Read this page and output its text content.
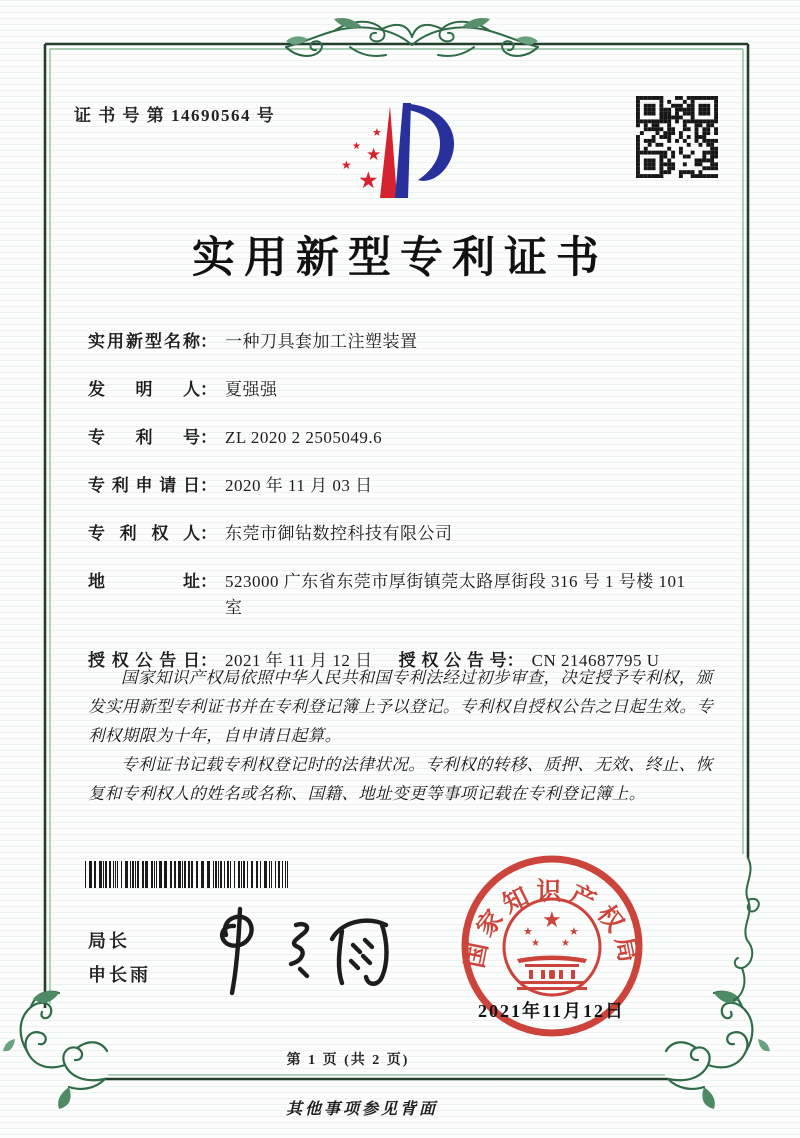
证 书 号 第 14690564 号
★
★ ★
★
★
实用新型专利证书
实用新型名称 ： 一种刀具套加工注塑装置
发明人 ： 夏强强
专利号 ： ZL 2020 2 2505049.6
专利申请日 ： 2020 年 11 月 03 日
专利权人 ： 东莞市御钻数控科技有限公司
地址 ： 523000 广东省东莞市厚街镇莞太路厚街段 316 号 1 号楼 101 室
授权公告日 ： 2021 年 11 月 12 日 授权公告号 ： CN 214687795 U

国家知识产权局依照中华人民共和国专利法经过初步审查，决定授予专利权，颁发实用新型专利证书并在专利登记簿上予以登记。专利权自授权公告之日起生效。专利权期限为十年，自申请日起算。

专利证书记载专利权登记时的法律状况。专利权的转移、质押、无效、终止、恢复和专利权人的姓名或名称、国籍、地址变更等事项记载在专利登记簿上。

局长
申长雨
国家知识产权局
★
★	★
★ ★
2021年11月12日
第 1 页 (共 2 页)
其他事项参见背面
